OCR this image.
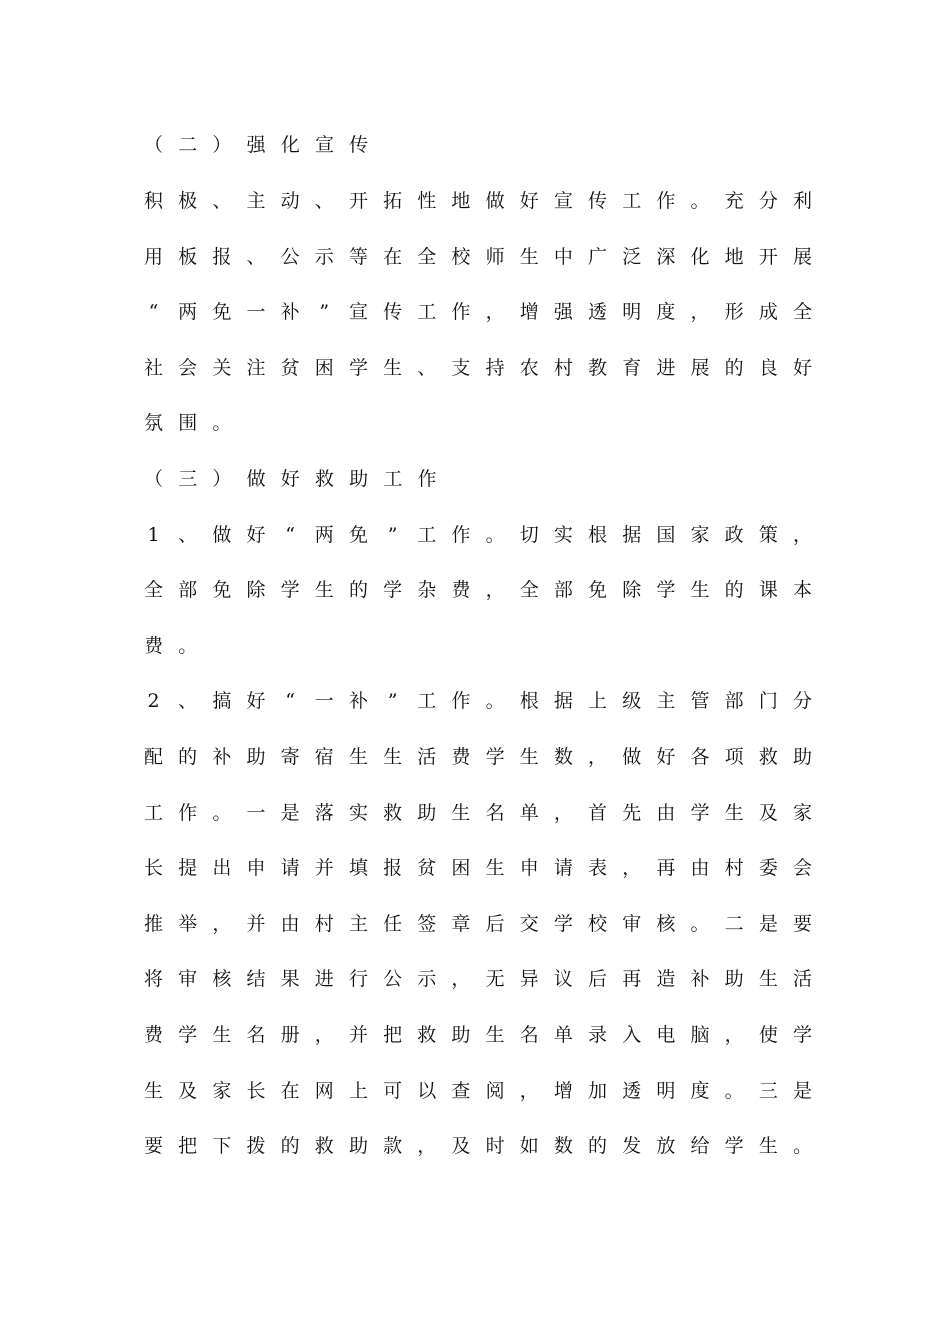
（ 二 ） 强 化 宣 传
积 极 、 主 动 、 开 拓 性 地 做 好 宣 传 工 作 。 充 分 利
用 板 报 、 公 示 等 在 全 校 师 生 中 广 泛 深 化 地 开 展
“ 两 免 一 补 ” 宣 传 工 作 ， 增 强 透 明 度 ， 形 成 全
社 会 关 注 贫 困 学 生 、 支 持 农 村 教 育 进 展 的 良 好
氛 围 。
（ 三 ） 做 好 救 助 工 作
1 、 做 好 “ 两 免 ” 工 作 。 切 实 根 据 国 家 政 策 ，
全 部 免 除 学 生 的 学 杂 费 ， 全 部 免 除 学 生 的 课 本
费 。
2 、 搞 好 “ 一 补 ” 工 作 。 根 据 上 级 主 管 部 门 分
配 的 补 助 寄 宿 生 生 活 费 学 生 数 ， 做 好 各 项 救 助
工 作 。 一 是 落 实 救 助 生 名 单 ， 首 先 由 学 生 及 家
长 提 出 申 请 并 填 报 贫 困 生 申 请 表 ， 再 由 村 委 会
推 举 ， 并 由 村 主 任 签 章 后 交 学 校 审 核 。 二 是 要
将 审 核 结 果 进 行 公 示 ， 无 异 议 后 再 造 补 助 生 活
费 学 生 名 册 ， 并 把 救 助 生 名 单 录 入 电 脑 ， 使 学
生 及 家 长 在 网 上 可 以 查 阅 ， 增 加 透 明 度 。 三 是
要 把 下 拨 的 救 助 款 ， 及 时 如 数 的 发 放 给 学 生 。
